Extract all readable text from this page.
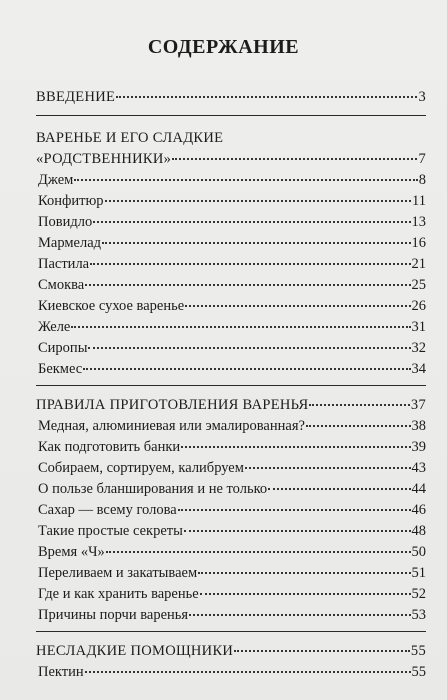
СОДЕРЖАНИЕ
ВВЕДЕНИЕ	3
ВАРЕНЬЕ И ЕГО СЛАДКИЕ
«РОДСТВЕННИКИ»	7
Джем	8
Конфитюр	11
Повидло	13
Мармелад	16
Пастила	21
Смоква	25
Киевское сухое варенье	26
Желе	31
Сиропы	32
Бекмес	34
ПРАВИЛА ПРИГОТОВЛЕНИЯ ВАРЕНЬЯ	37
Медная, алюминиевая или эмалированная?	38
Как подготовить банки	39
Собираем, сортируем, калибруем	43
О пользе бланширования и не только	44
Сахар — всему голова	46
Такие простые секреты	48
Время «Ч»	50
Переливаем и закатываем	51
Где и как хранить варенье	52
Причины порчи варенья	53
НЕСЛАДКИЕ ПОМОЩНИКИ	55
Пектин	55
